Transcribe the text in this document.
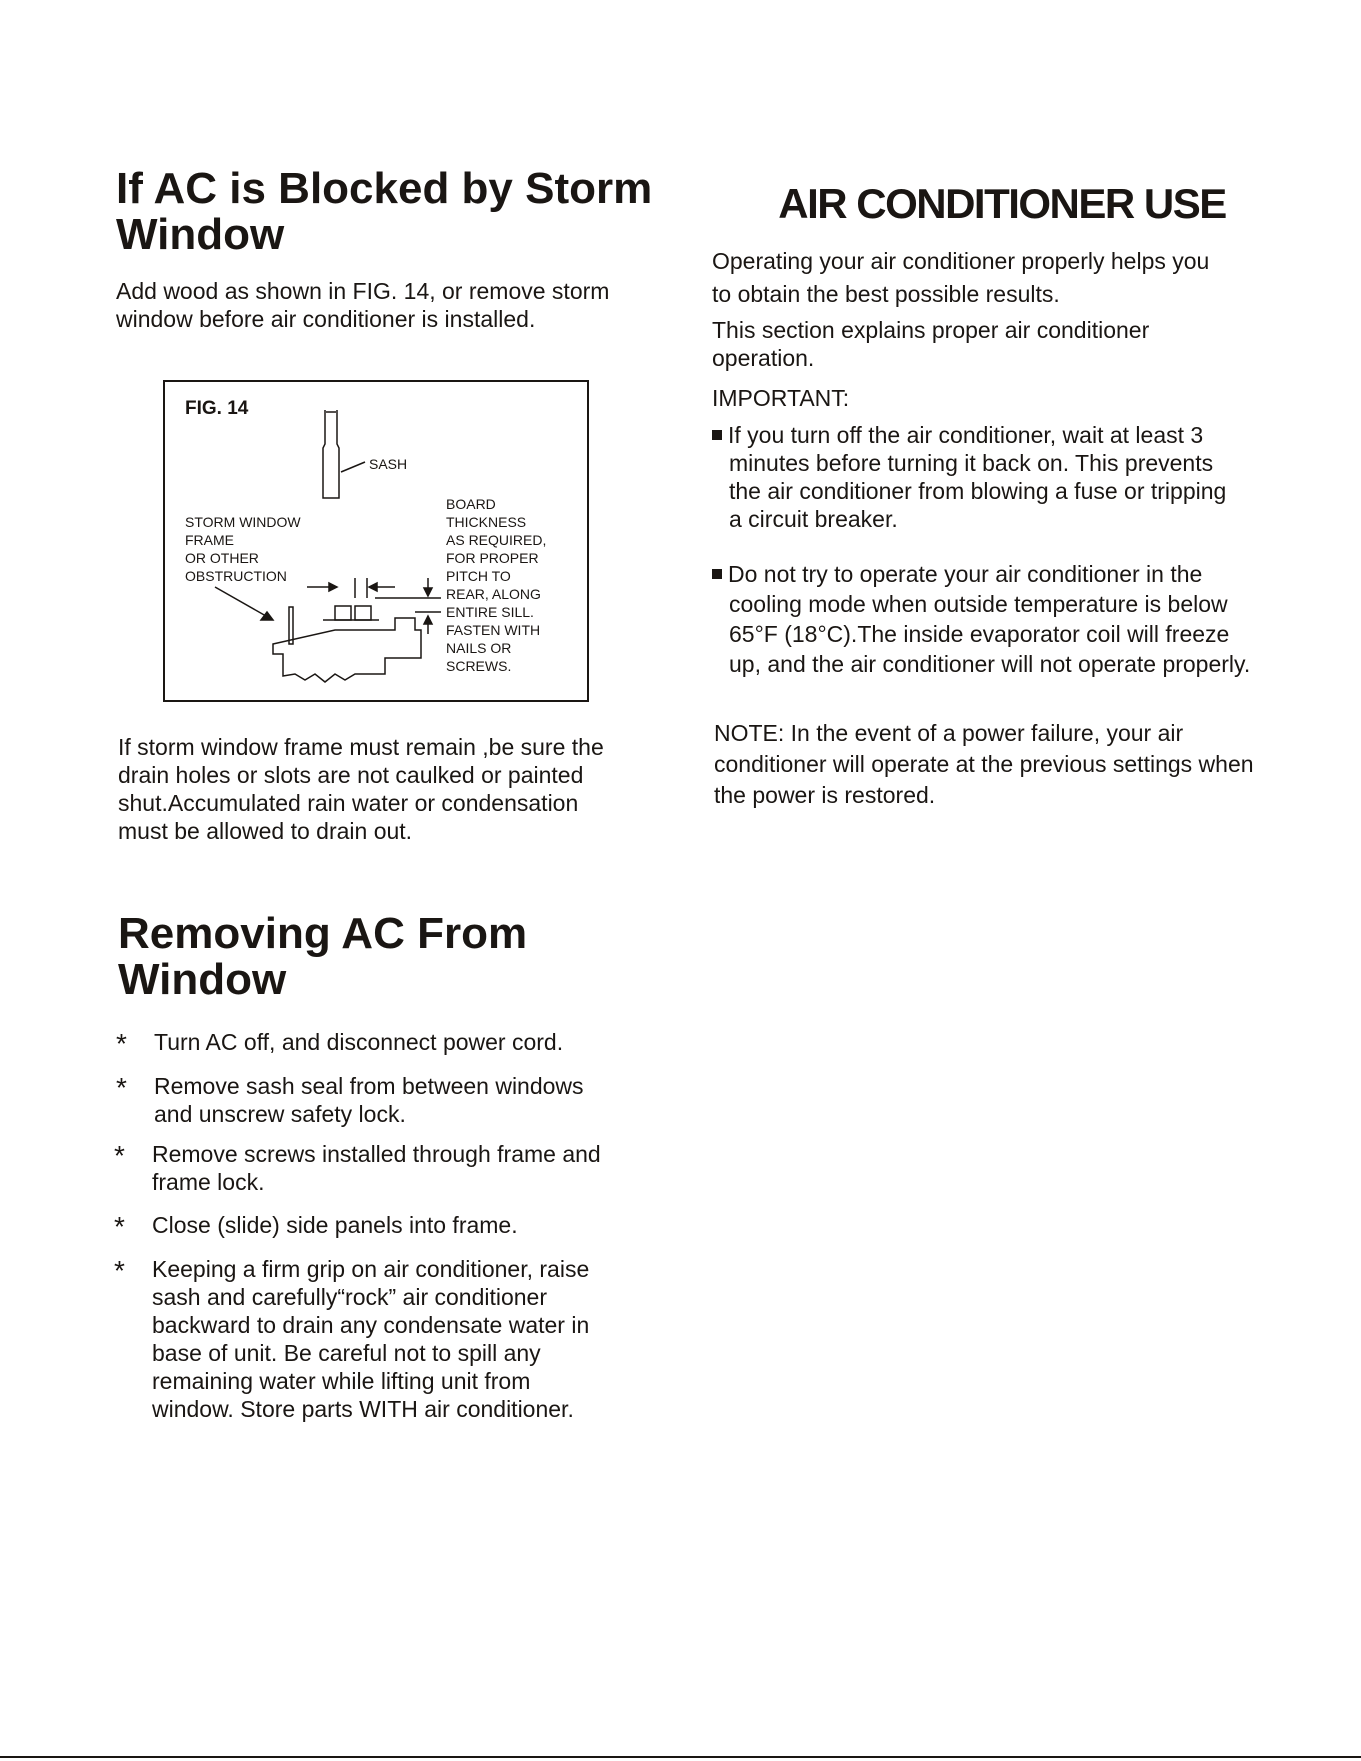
If AC is Blocked by Storm
Window

Add wood as shown in FIG. 14, or remove storm

window before air conditioner is installed.

FIG. 14
SASH
STORM WINDOW
FRAME
OR OTHER
OBSTRUCTION
BOARD
THICKNESS
AS REQUIRED,
FOR PROPER
PITCH TO
REAR, ALONG
ENTIRE SILL.
FASTEN WITH
NAILS OR
SCREWS.

If storm window frame must remain ,be sure the

drain holes or slots are not caulked or painted

shut.Accumulated rain water or condensation

must be allowed to drain out.

Removing AC From
Window
* Turn AC off, and disconnect power cord.

* Remove sash seal from between windows

and unscrew safety lock.

* Remove screws installed through frame and

frame lock.

* Close (slide) side panels into frame.

* Keeping a firm grip on air conditioner, raise

sash and carefully“rock” air conditioner

backward to drain any condensate water in

base of unit. Be careful not to spill any

remaining water while lifting unit from

window. Store parts WITH air conditioner.

AIR CONDITIONER USE

Operating your air conditioner properly helps you

to obtain the best possible results.

This section explains proper air conditioner

operation.

IMPORTANT:

If you turn off the air conditioner, wait at least 3

minutes before turning it back on. This prevents

the air conditioner from blowing a fuse or tripping

a circuit breaker.

Do not try to operate your air conditioner in the

cooling mode when outside temperature is below

65°F (18°C).The inside evaporator coil will freeze

up, and the air conditioner will not operate properly.

NOTE: In the event of a power failure, your air

conditioner will operate at the previous settings when

the power is restored.
